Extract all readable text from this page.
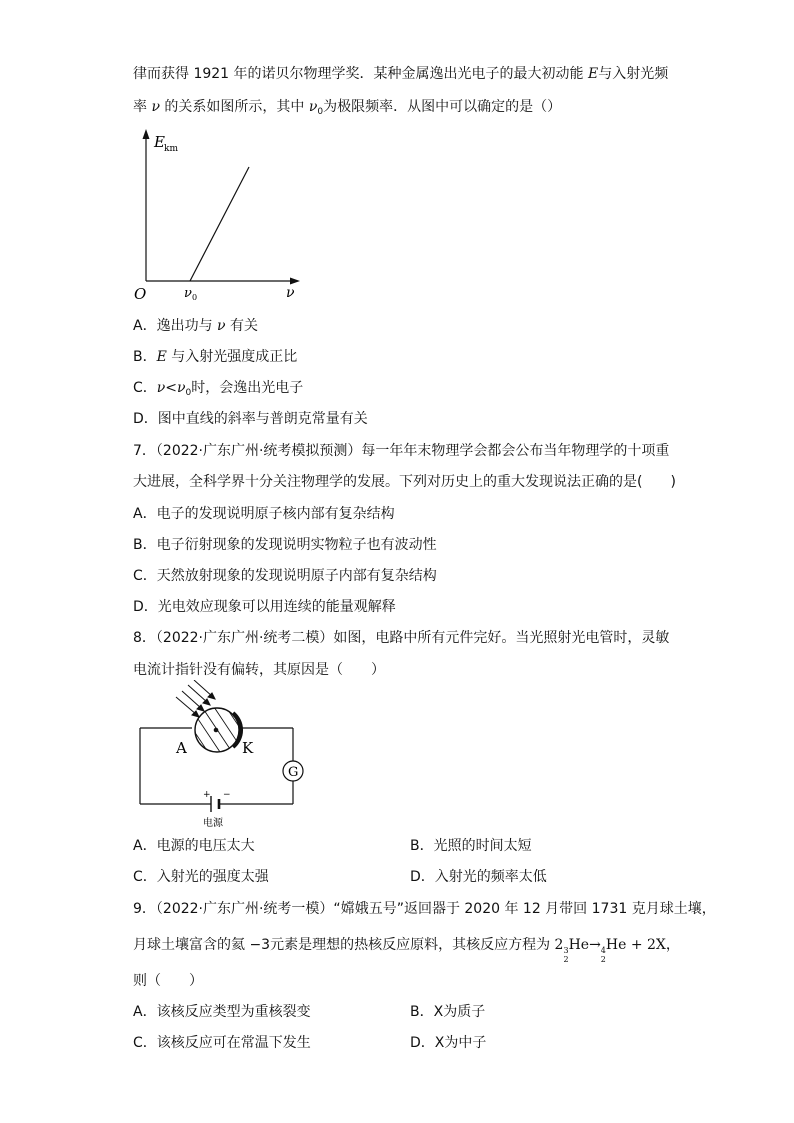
律而获得 1921 年的诺贝尔物理学奖．某种金属逸出光电子的最大初动能 E与入射光频
率 ν 的关系如图所示，其中 $\nu_0$为极限频率．从图中可以确定的是（）
E km
O	ν 0	ν
A．逸出功与 ν 有关
B．E 与入射光强度成正比
C．$\nu<\nu_0$时，会逸出光电子
D．图中直线的斜率与普朗克常量有关
7．（2022·广东广州·统考模拟预测）每一年年末物理学会都会公布当年物理学的十项重
大进展，全科学界十分关注物理学的发展。下列对历史上的重大发现说法正确的是(　　)
A．电子的发现说明原子核内部有复杂结构
B．电子衍射现象的发现说明实物粒子也有波动性
C．天然放射现象的发现说明原子内部有复杂结构
D．光电效应现象可以用连续的能量观解释
8．（2022·广东广州·统考二模）如图，电路中所有元件完好。当光照射光电管时，灵敏
电流计指针没有偏转，其原因是（　　）
+ −
电源
A	K
G
A．电源的电压太大	B．光照的时间太短
C．入射光的强度太强	D．入射光的频率太低
9．（2022·广东广州·统考一模）“嫦娥五号”返回器于 2020 年 12 月带回 1731 克月球土壤，
月球土壤富含的氦 −3元素是理想的热核反应原料，其核反应方程为 2 3
2
He→ 4
2
He + 2X，
则（　　）
A．该核反应类型为重核裂变	B．X为质子
C．该核反应可在常温下发生	D．X为中子
